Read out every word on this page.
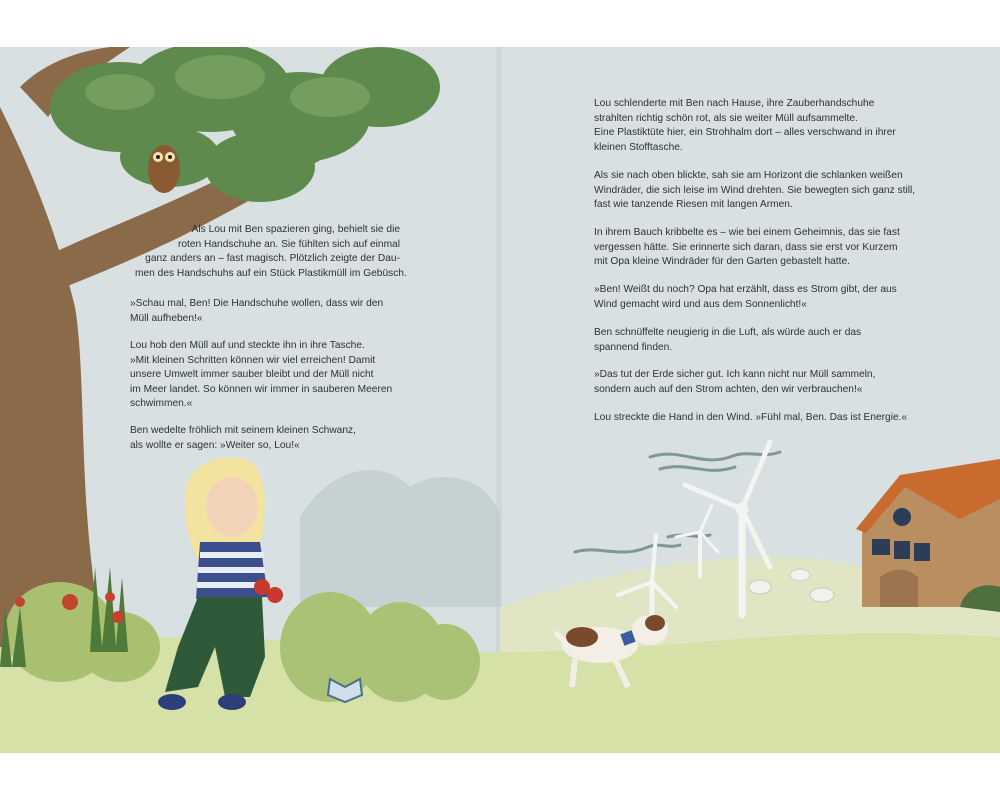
Als Lou mit Ben spazieren ging, behielt sie die
roten Handschuhe an. Sie fühlten sich auf einmal
ganz anders an – fast magisch. Plötzlich zeigte der Dau-
men des Handschuhs auf ein Stück Plastikmüll im Gebüsch.

»Schau mal, Ben! Die Handschuhe wollen, dass wir den
Müll aufheben!«

Lou hob den Müll auf und steckte ihn in ihre Tasche.
»Mit kleinen Schritten können wir viel erreichen! Damit
unsere Umwelt immer sauber bleibt und der Müll nicht
im Meer landet. So können wir immer in sauberen Meeren
schwimmen.«

Ben wedelte fröhlich mit seinem kleinen Schwanz,
als wollte er sagen: »Weiter so, Lou!«

Lou schlenderte mit Ben nach Hause, ihre Zauberhandschuhe
strahlten richtig schön rot, als sie weiter Müll aufsammelte.
Eine Plastiktüte hier, ein Strohhalm dort – alles verschwand in ihrer
kleinen Stofftasche.

Als sie nach oben blickte, sah sie am Horizont die schlanken weißen
Windräder, die sich leise im Wind drehten. Sie bewegten sich ganz still,
fast wie tanzende Riesen mit langen Armen.

In ihrem Bauch kribbelte es – wie bei einem Geheimnis, das sie fast
vergessen hätte. Sie erinnerte sich daran, dass sie erst vor Kurzem
mit Opa kleine Windräder für den Garten gebastelt hatte.

»Ben! Weißt du noch? Opa hat erzählt, dass es Strom gibt, der aus
Wind gemacht wird und aus dem Sonnenlicht!«

Ben schnüffelte neugierig in die Luft, als würde auch er das
spannend finden.

»Das tut der Erde sicher gut. Ich kann nicht nur Müll sammeln,
sondern auch auf den Strom achten, den wir verbrauchen!«

Lou streckte die Hand in den Wind. »Fühl mal, Ben. Das ist Energie.«
